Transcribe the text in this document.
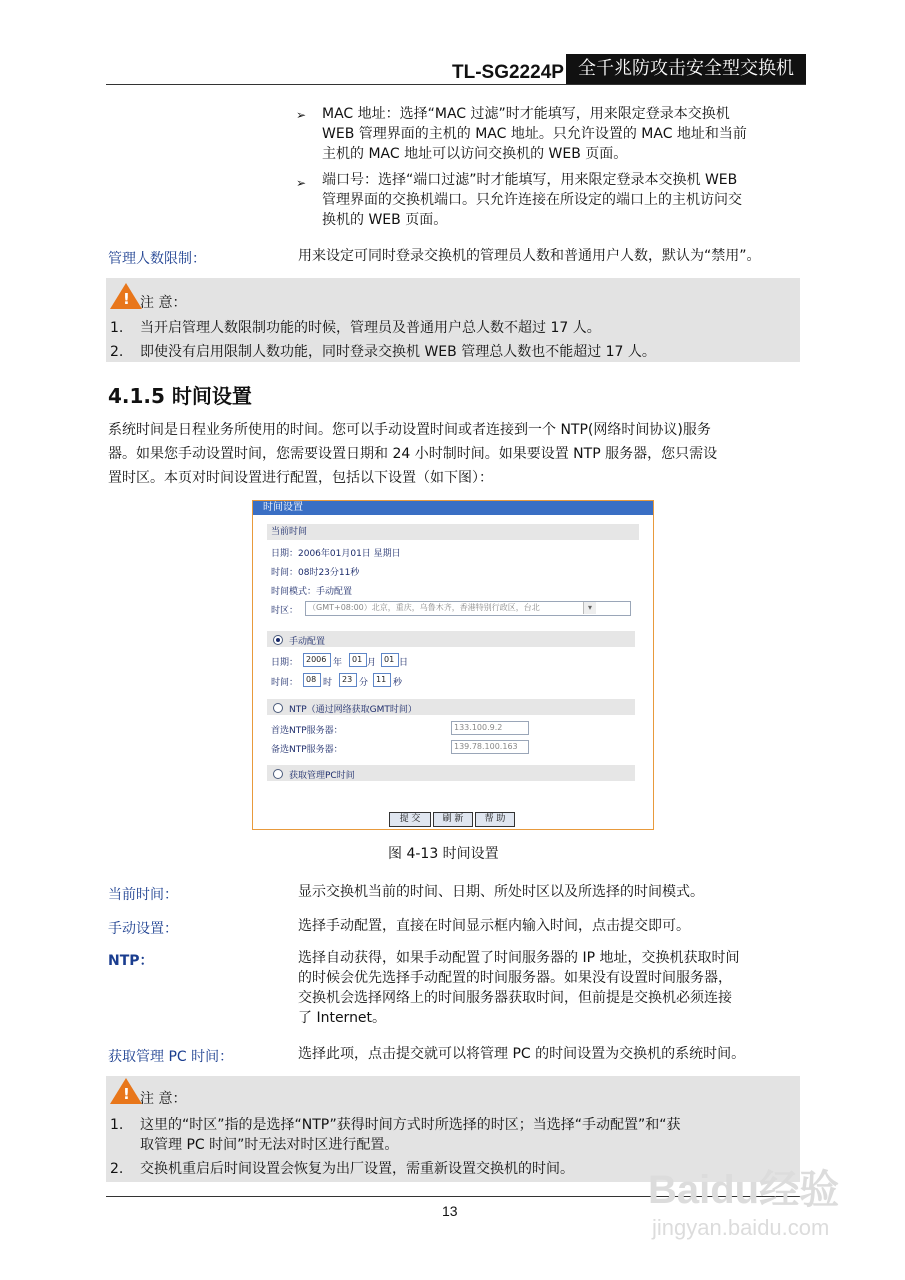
TL-SG2224P 全千兆防攻击安全型交换机
➢ MAC 地址：选择“MAC 过滤”时才能填写，用来限定登录本交换机
WEB 管理界面的主机的 MAC 地址。只允许设置的 MAC 地址和当前
主机的 MAC 地址可以访问交换机的 WEB 页面。
➢ 端口号：选择“端口过滤”时才能填写，用来限定登录本交换机 WEB
管理界面的交换机端口。只允许连接在所设定的端口上的主机访问交
换机的 WEB 页面。
管理人数限制：	用来设定可同时登录交换机的管理员人数和普通用户人数，默认为“禁用”。
! 注 意：
1. 当开启管理人数限制功能的时候，管理员及普通用户总人数不超过 17 人。
2. 即使没有启用限制人数功能，同时登录交换机 WEB 管理总人数也不能超过 17 人。
4.1.5 时间设置
系统时间是日程业务所使用的时间。您可以手动设置时间或者连接到一个 NTP(网络时间协议)服务
器。如果您手动设置时间，您需要设置日期和 24 小时制时间。如果要设置 NTP 服务器，您只需设
置时区。本页对时间设置进行配置，包括以下设置（如下图）：
时间设置
当前时间
日期：2006年01月01日 星期日
时间：08时23分11秒
时间模式：手动配置
时区：	（GMT+08:00）北京，重庆，乌鲁木齐，香港特别行政区，台北	▾
手动配置
日期： 2006 年	01 月 01 日
时间： 08 时	23 分 11 秒
NTP（通过网络获取GMT时间）
首选NTP服务器：	133.100.9.2
备选NTP服务器：	139.78.100.163
获取管理PC时间
提 交	刷 新	帮 助
图 4-13 时间设置
当前时间：	显示交换机当前的时间、日期、所处时区以及所选择的时间模式。
手动设置：	选择手动配置，直接在时间显示框内输入时间，点击提交即可。
NTP：	选择自动获得，如果手动配置了时间服务器的 IP 地址，交换机获取时间
的时候会优先选择手动配置的时间服务器。如果没有设置时间服务器，
交换机会选择网络上的时间服务器获取时间，但前提是交换机必须连接
了 Internet。
获取管理 PC 时间：	选择此项，点击提交就可以将管理 PC 的时间设置为交换机的系统时间。
! 注 意：
1. 这里的“时区”指的是选择“NTP”获得时间方式时所选择的时区；当选择“手动配置”和“获
取管理 PC 时间”时无法对时区进行配置。
2. 交换机重启后时间设置会恢复为出厂设置，需重新设置交换机的时间。
13	Baidu经验
jingyan.baidu.com
